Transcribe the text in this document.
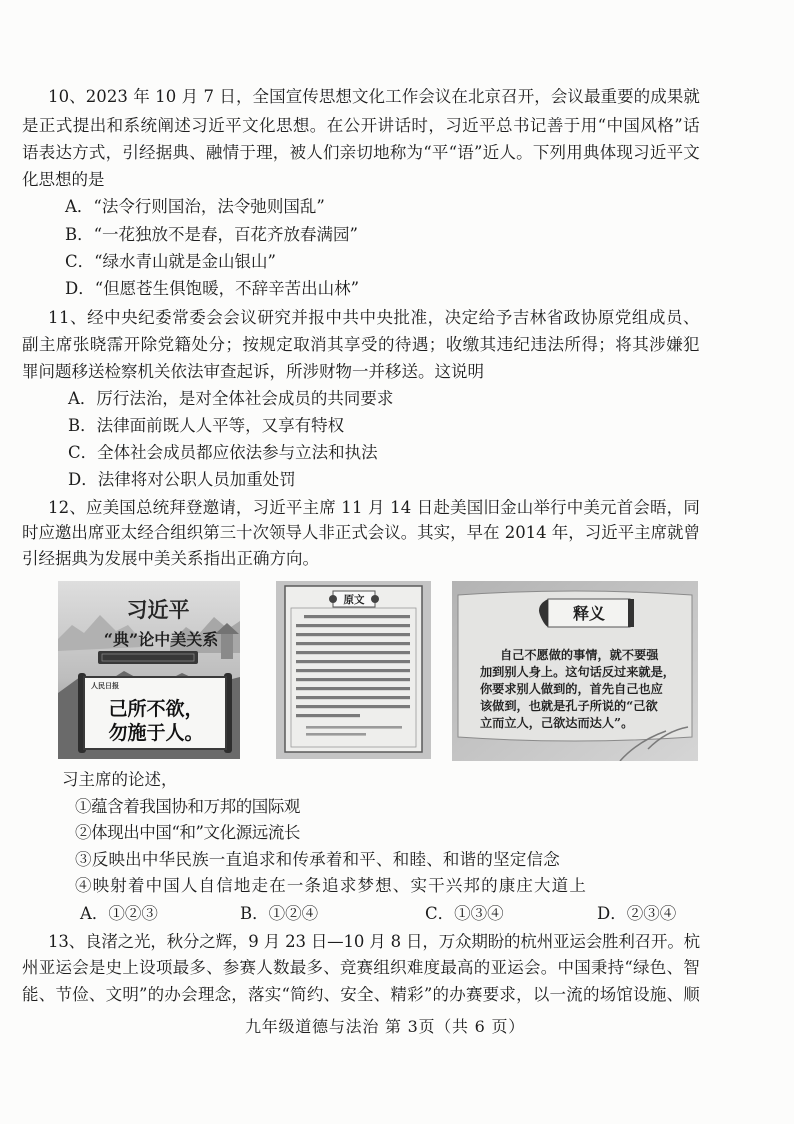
10、2023 年 10 月 7 日，全国宣传思想文化工作会议在北京召开，会议最重要的成果就
是正式提出和系统阐述习近平文化思想。在公开讲话时，习近平总书记善于用“中国风格”话
语表达方式，引经据典、融情于理，被人们亲切地称为“平“语”近人。下列用典体现习近平文
化思想的是
A．“法令行则国治，法令弛则国乱”
B．“一花独放不是春，百花齐放春满园”
C．“绿水青山就是金山银山”
D．“但愿苍生俱饱暖，不辞辛苦出山林”
11、经中央纪委常委会会议研究并报中共中央批准，决定给予吉林省政协原党组成员、
副主席张晓霈开除党籍处分；按规定取消其享受的待遇；收缴其违纪违法所得；将其涉嫌犯
罪问题移送检察机关依法审查起诉，所涉财物一并移送。这说明
A．厉行法治，是对全体社会成员的共同要求
B．法律面前既人人平等，又享有特权
C．全体社会成员都应依法参与立法和执法
D．法律将对公职人员加重处罚
12、应美国总统拜登邀请，习近平主席 11 月 14 日赴美国旧金山举行中美元首会晤，同
时应邀出席亚太经合组织第三十次领导人非正式会议。其实，早在 2014 年，习近平主席就曾
引经据典为发展中美关系指出正确方向。
习近平
“典”论中美关系
人民日报
己所不欲，
勿施于人。
原文
释义
自己不愿做的事情，就不要强
加到别人身上。这句话反过来就是，
你要求别人做到的，首先自己也应
该做到，也就是孔子所说的“己欲
立而立人，己欲达而达人”。
习主席的论述，
①蕴含着我国协和万邦的国际观
②体现出中国“和”文化源远流长
③反映出中华民族一直追求和传承着和平、和睦、和谐的坚定信念
④映射着中国人自信地走在一条追求梦想、实干兴邦的康庄大道上
A．①②③	B．①②④	C．①③④	D．②③④
13、良渚之光，秋分之辉，9 月 23 日—10 月 8 日，万众期盼的杭州亚运会胜利召开。杭
州亚运会是史上设项最多、参赛人数最多、竞赛组织难度最高的亚运会。中国秉持“绿色、智
能、节俭、文明”的办会理念，落实“简约、安全、精彩”的办赛要求，以一流的场馆设施、顺
九年级道德与法治 第 3页（共 6 页）
